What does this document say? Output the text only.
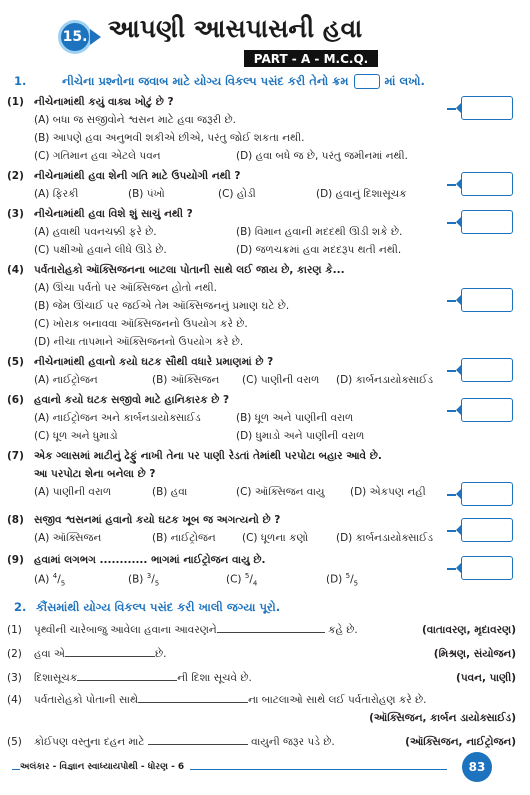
15. આપણી આસપાસની હવા
PART - A - M.C.Q.
1.	નીચેના પ્રશ્નોના જવાબ માટે યોગ્ય વિકલ્પ પસંદ કરી તેનો ક્રમ	માં લખો.
(1) નીચેનામાંથી કયું વાક્ય ખોટું છે ?
(A) બધા જ સજીવોને શ્વસન માટે હવા જરૂરી છે.
(B) આપણે હવા અનુભવી શકીએ છીએ, પરંતુ જોઈ શકતા નથી.
(C) ગતિમાન હવા એટલે પવન	(D) હવા બધે જ છે, પરંતુ જમીનમાં નથી.
(2) નીચેનામાંથી હવા શેની ગતિ માટે ઉપયોગી નથી ?
(A) ફિરકી	(B) પંખો	(C) હોડી	(D) હવાનું દિશાસૂચક
(3) નીચેનામાંથી હવા વિશે શું સાચું નથી ?
(A) હવાથી પવનચક્કી ફરે છે.	(B) વિમાન હવાની મદદથી ઊડી શકે છે.
(C) પક્ષીઓ હવાને લીધે ઊડે છે.	(D) જળચક્રમાં હવા મદદરૂપ થતી નથી.
(4) પર્વતારોહકો ઑક્સિજનના બાટલા પોતાની સાથે લઈ જાય છે, કારણ કે...
(A) ઊંચા પર્વતો પર ઑક્સિજન હોતો નથી.
(B) જેમ ઊંચાઈ પર જઈએ તેમ ઑક્સિજનનું પ્રમાણ ઘટે છે.
(C) ખોરાક બનાવવા ઑક્સિજનનો ઉપયોગ કરે છે.
(D) નીચા તાપમાને ઑક્સિજનનો ઉપયોગ કરે છે.
(5) નીચેનામાંથી હવાનો કયો ઘટક સૌથી વધારે પ્રમાણમાં છે ?
(A) નાઈટ્રોજન	(B) ઑક્સિજન (C) પાણીની વરાળ (D) કાર્બનડાયોક્સાઈડ
(6) હવાનો કયો ઘટક સજીવો માટે હાનિકારક છે ?
(A) નાઈટ્રોજન અને કાર્બનડાયોક્સાઈડ	(B) ધૂળ અને પાણીની વરાળ
(C) ધૂળ અને ધુમાડો	(D) ધુમાડો અને પાણીની વરાળ
(7) એક ગ્લાસમાં માટીનું ઢેફું નાખી તેના પર પાણી રેડતાં તેમાંથી પરપોટા બહાર આવે છે.
આ પરપોટા શેના બનેલા છે ?
(A) પાણીની વરાળ	(B) હવા	(C) ઑક્સિજન વાયુ (D) એકપણ નહી
(8) સજીવ શ્વસનમાં હવાનો કયો ઘટક ખૂબ જ અગત્યનો છે ?
(A) ઑક્સિજન	(B) નાઈટ્રોજન	(C) ધૂળના કણો	(D) કાર્બનડાયોક્સાઈડ
(9) હવામાં લગભગ ............ ભાગમાં નાઈટ્રોજન વાયુ છે.
(A) $^4/_5$	(B) $^3/_5$	(C) $^5/_4$	(D) $^5/_5$
2. કૌંસમાંથી યોગ્ય વિકલ્પ પસંદ કરી ખાલી જગ્યા પૂરો.
(1) પૃથ્વીની ચારેબાજુ આવેલા હવાના આવરણને	કહે છે.	(વાતાવરણ, મૃદાવરણ)
(2) હવા એ	છે.	(મિશ્રણ, સંયોજન)
(3) દિશાસૂચક	ની દિશા સૂચવે છે.	(પવન, પાણી)
(4) પર્વતારોહકો પોતાની સાથે	ના બાટલાઓ સાથે લઈ પર્વતારોહણ કરે છે.
(ઑક્સિજન, કાર્બન ડાયોક્સાઈડ)
(5) કોઈપણ વસ્તુના દહન માટે	વાયુની જરૂર પડે છે.	(ઑક્સિજન, નાઈટ્રોજન)
અલંકાર - વિજ્ઞાન સ્વાધ્યાયપોથી - ધોરણ - 6	83
